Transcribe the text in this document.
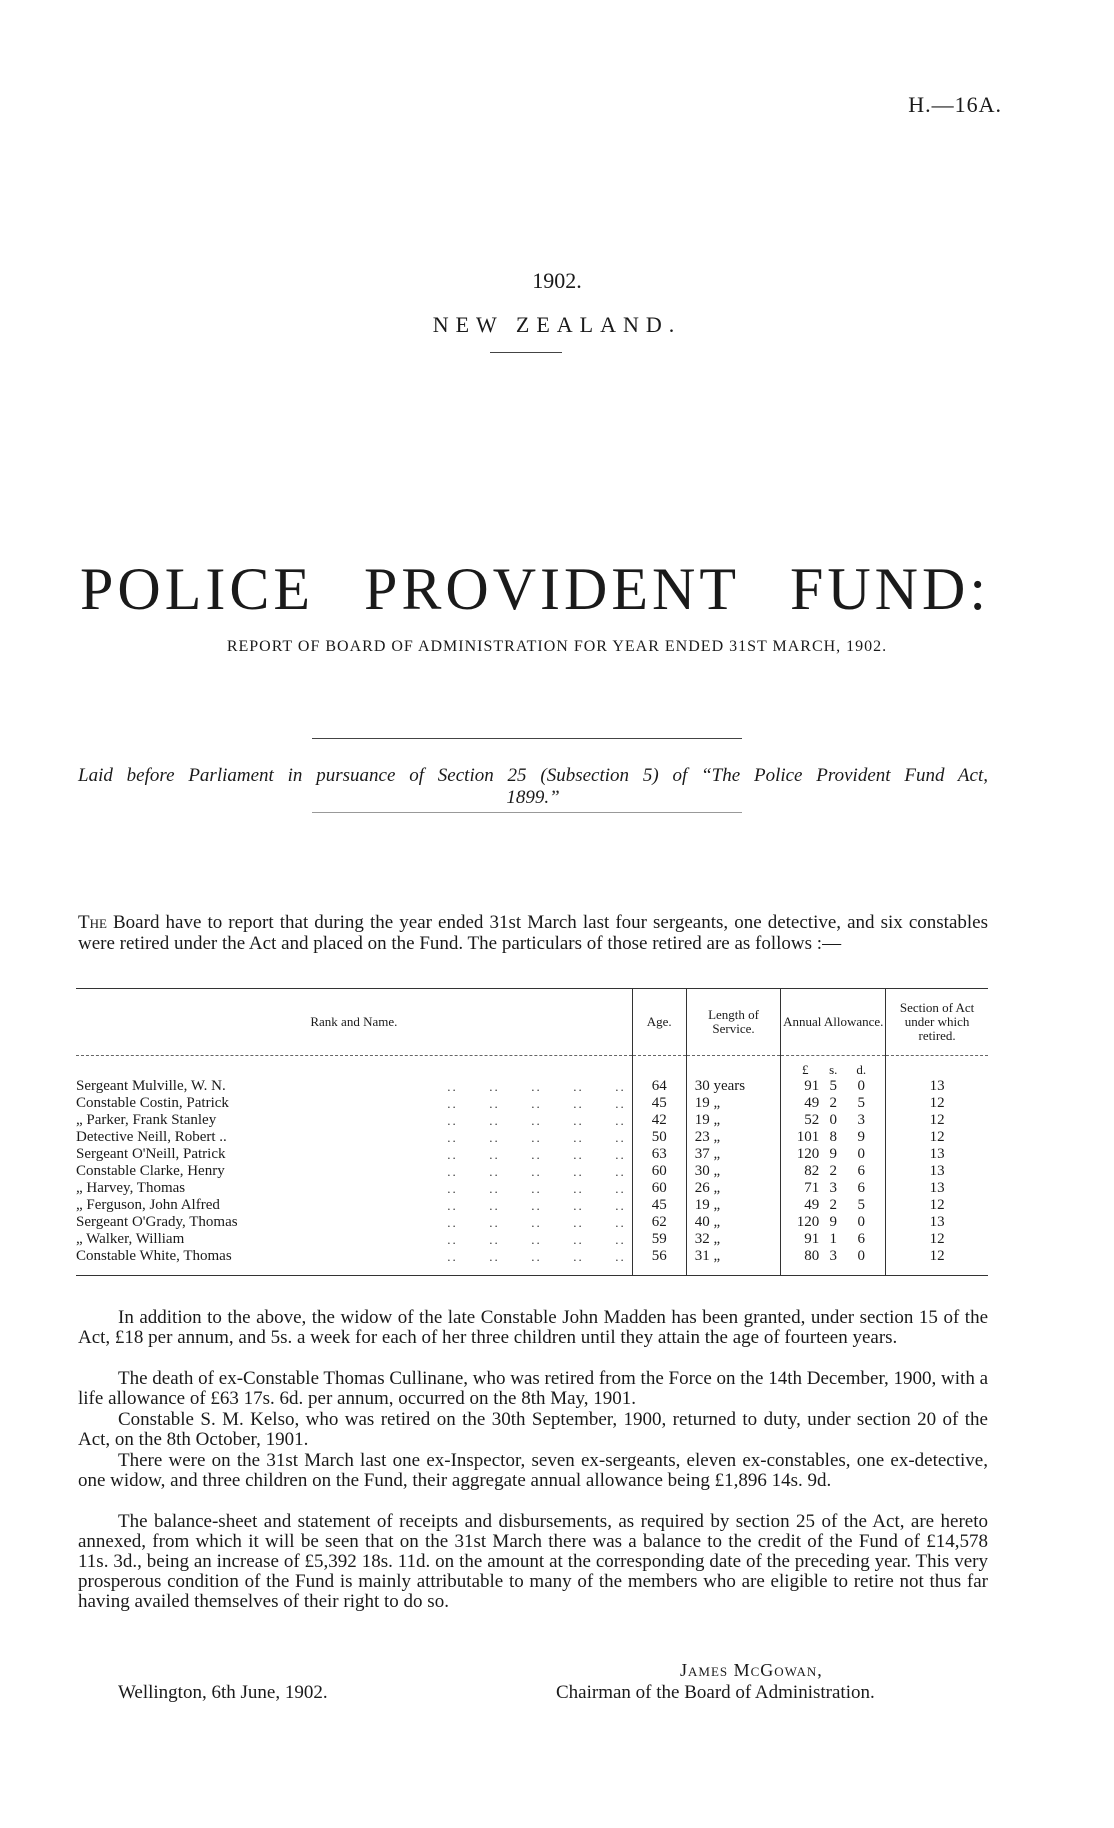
H.—16A.
1902.
NEW ZEALAND.
POLICE PROVIDENT FUND:
REPORT OF BOARD OF ADMINISTRATION FOR YEAR ENDED 31ST MARCH, 1902.
Laid before Parliament in pursuance of Section 25 (Subsection 5) of “The Police Provident Fund Act, 1899.”
The Board have to report that during the year ended 31st March last four sergeants, one detective, and six constables were retired under the Act and placed on the Fund. The particulars of those retired are as follows :—
Rank and Name.	Age.	Length of Service.	Annual Allowance.	Section of Act under which retired.
			£ s. d.	
Sergeant Mulville, W. N. ..      ..      ..      ..      ..	64	30 years	91 5 0	13
Constable Costin, Patrick ..      ..      ..      ..      ..	45	19 „	49 2 5	12
„ Parker, Frank Stanley ..      ..      ..      ..      ..	42	19 „	52 0 3	12
Detective Neill, Robert .. ..      ..      ..      ..      ..	50	23 „	101 8 9	12
Sergeant O'Neill, Patrick ..      ..      ..      ..      ..	63	37 „	120 9 0	13
Constable Clarke, Henry ..      ..      ..      ..      ..	60	30 „	82 2 6	13
„ Harvey, Thomas ..      ..      ..      ..      ..	60	26 „	71 3 6	13
„ Ferguson, John Alfred ..      ..      ..      ..      ..	45	19 „	49 2 5	12
Sergeant O'Grady, Thomas ..      ..      ..      ..      ..	62	40 „	120 9 0	13
„ Walker, William ..      ..      ..      ..      ..	59	32 „	91 1 6	12
Constable White, Thomas ..      ..      ..      ..      ..	56	31 „	80 3 0	12
In addition to the above, the widow of the late Constable John Madden has been granted, under section 15 of the Act, £18 per annum, and 5s. a week for each of her three children until they attain the age of fourteen years.
The death of ex-Constable Thomas Cullinane, who was retired from the Force on the 14th December, 1900, with a life allowance of £63 17s. 6d. per annum, occurred on the 8th May, 1901.
Constable S. M. Kelso, who was retired on the 30th September, 1900, returned to duty, under section 20 of the Act, on the 8th October, 1901.
There were on the 31st March last one ex-Inspector, seven ex-sergeants, eleven ex-constables, one ex-detective, one widow, and three children on the Fund, their aggregate annual allowance being £1,896 14s. 9d.
The balance-sheet and statement of receipts and disbursements, as required by section 25 of the Act, are hereto annexed, from which it will be seen that on the 31st March there was a balance to the credit of the Fund of £14,578 11s. 3d., being an increase of £5,392 18s. 11d. on the amount at the corresponding date of the preceding year. This very prosperous condition of the Fund is mainly attributable to many of the members who are eligible to retire not thus far having availed themselves of their right to do so.
James McGowan,
Chairman of the Board of Administration.
Wellington, 6th June, 1902.
